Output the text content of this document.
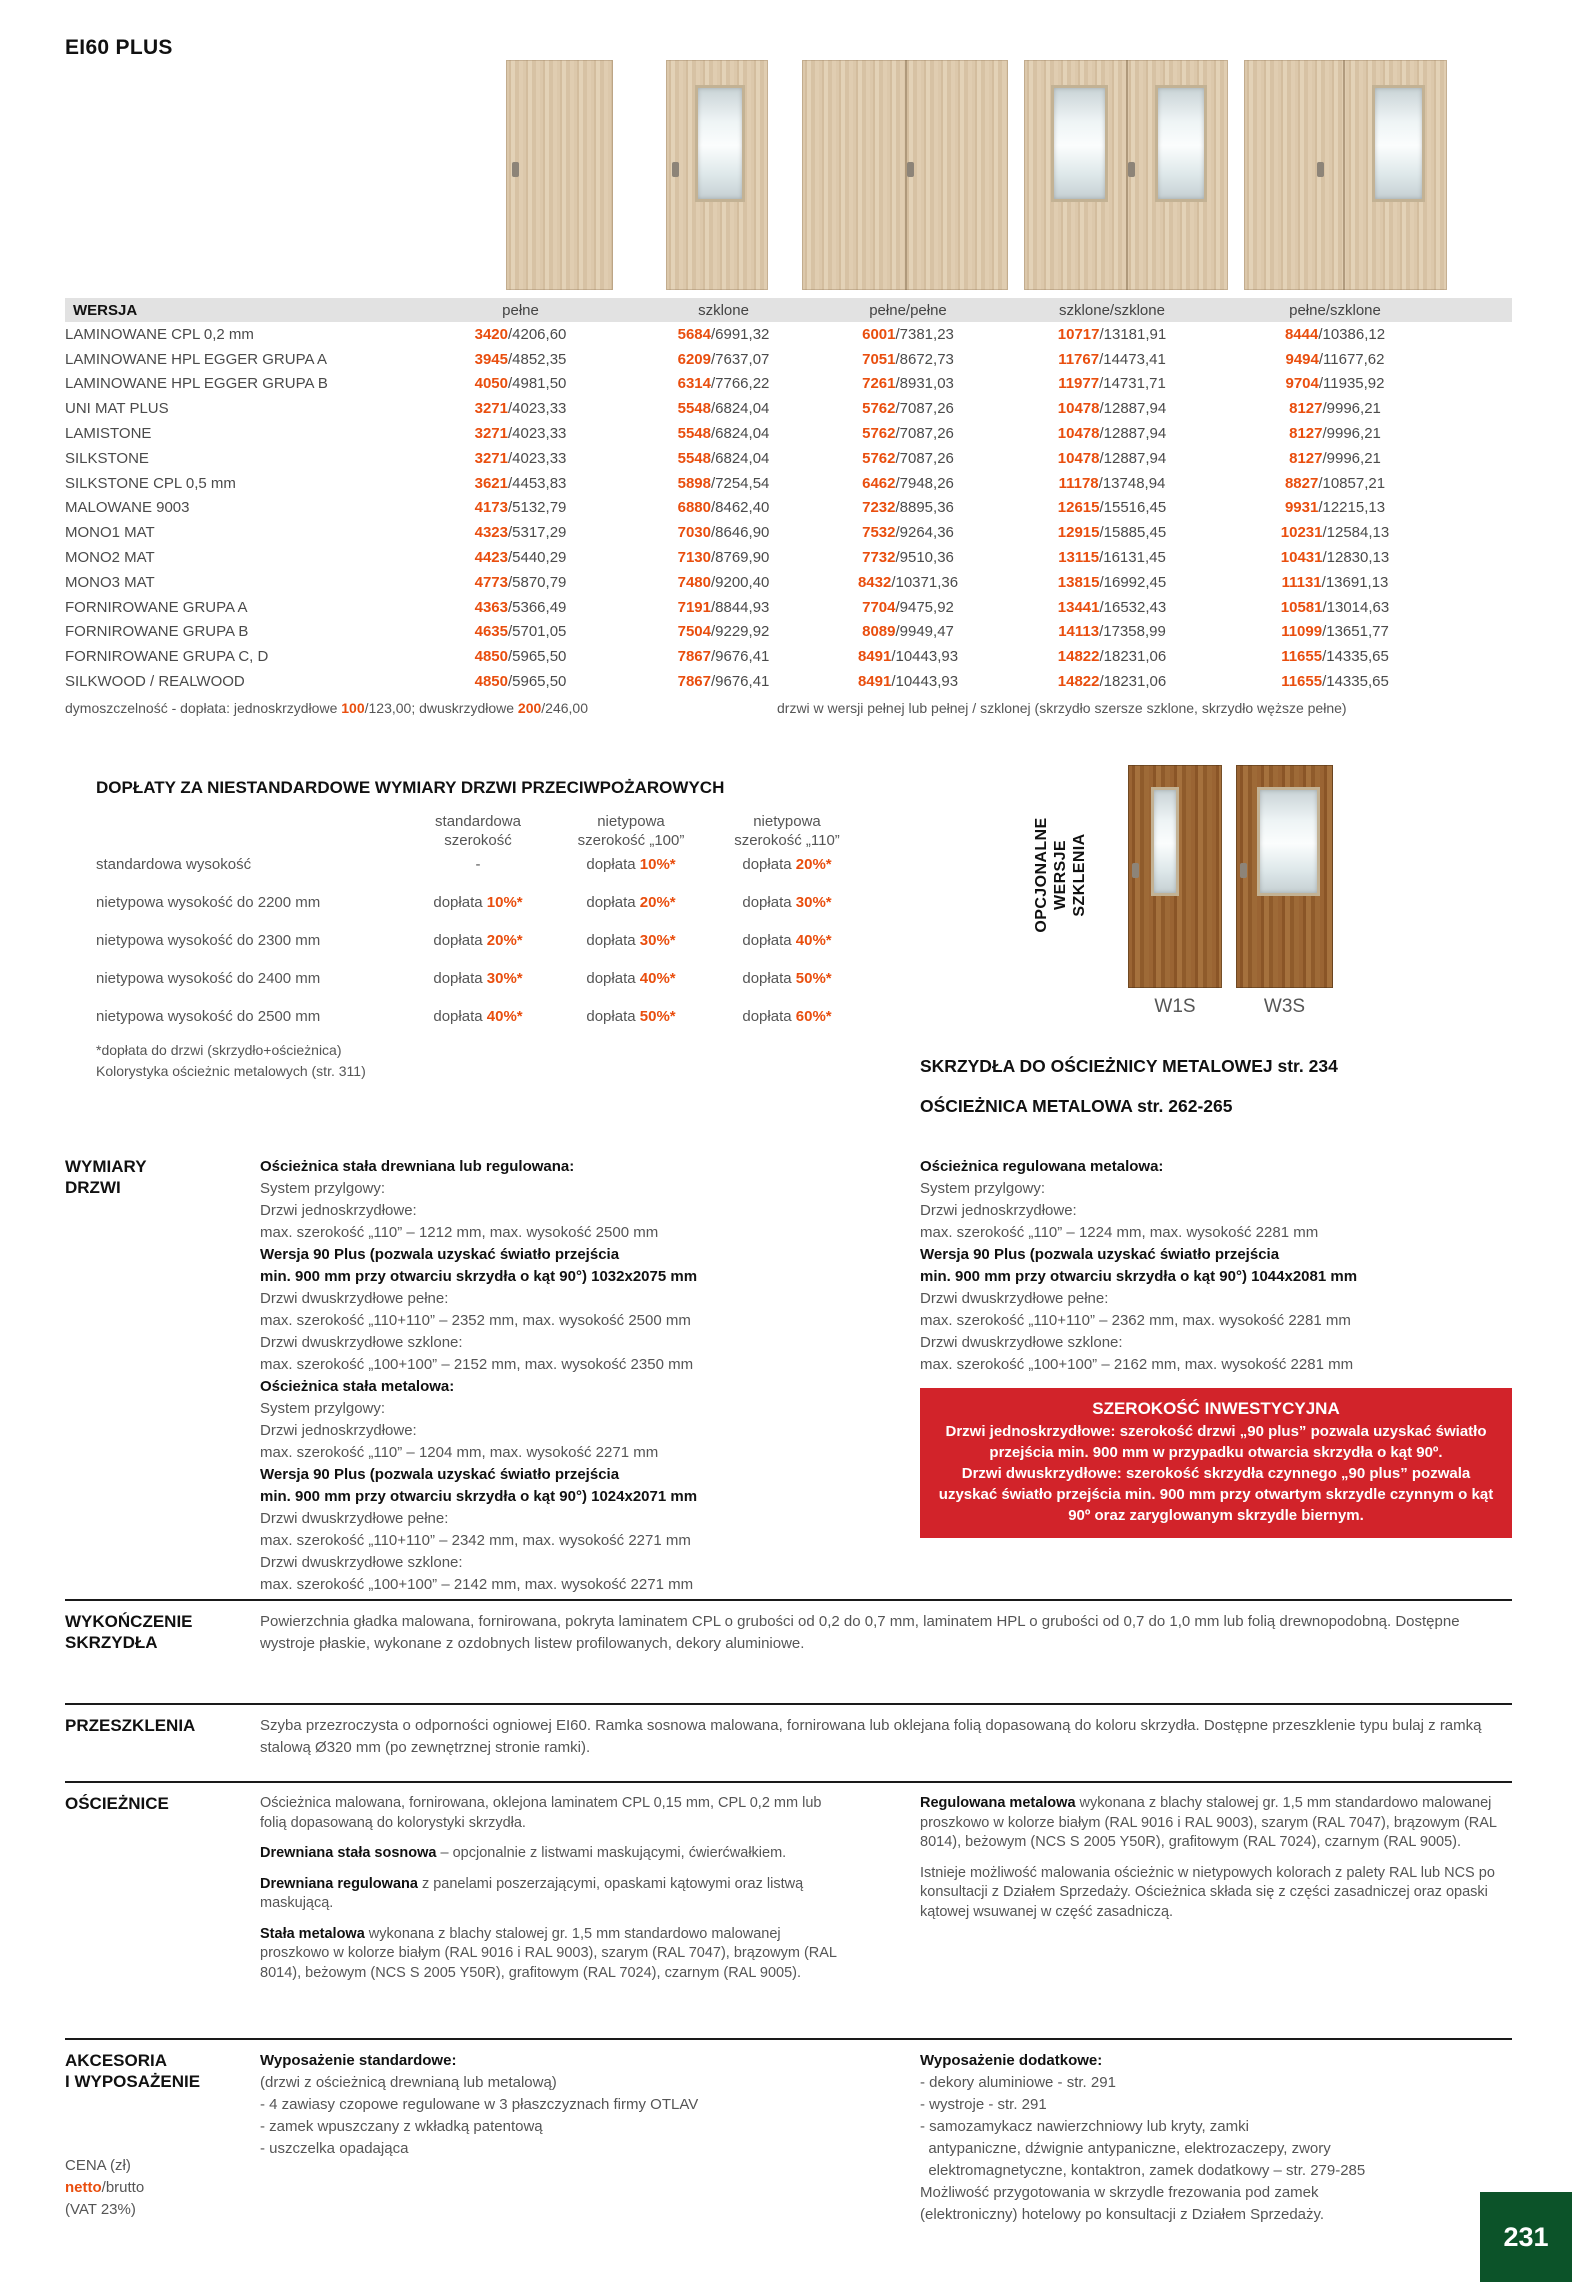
EI60 PLUS
WERSJA	pełne	szklone	pełne/pełne	szklone/szklone	pełne/szklone
LAMINOWANE CPL 0,2 mm	3420/4206,60	5684/6991,32	6001/7381,23	10717/13181,91	8444/10386,12
LAMINOWANE HPL EGGER GRUPA A	3945/4852,35	6209/7637,07	7051/8672,73	11767/14473,41	9494/11677,62
LAMINOWANE HPL EGGER GRUPA B	4050/4981,50	6314/7766,22	7261/8931,03	11977/14731,71	9704/11935,92
UNI MAT PLUS	3271/4023,33	5548/6824,04	5762/7087,26	10478/12887,94	8127/9996,21
LAMISTONE	3271/4023,33	5548/6824,04	5762/7087,26	10478/12887,94	8127/9996,21
SILKSTONE	3271/4023,33	5548/6824,04	5762/7087,26	10478/12887,94	8127/9996,21
SILKSTONE CPL 0,5 mm	3621/4453,83	5898/7254,54	6462/7948,26	11178/13748,94	8827/10857,21
MALOWANE 9003	4173/5132,79	6880/8462,40	7232/8895,36	12615/15516,45	9931/12215,13
MONO1 MAT	4323/5317,29	7030/8646,90	7532/9264,36	12915/15885,45	10231/12584,13
MONO2 MAT	4423/5440,29	7130/8769,90	7732/9510,36	13115/16131,45	10431/12830,13
MONO3 MAT	4773/5870,79	7480/9200,40	8432/10371,36	13815/16992,45	11131/13691,13
FORNIROWANE GRUPA A	4363/5366,49	7191/8844,93	7704/9475,92	13441/16532,43	10581/13014,63
FORNIROWANE GRUPA B	4635/5701,05	7504/9229,92	8089/9949,47	14113/17358,99	11099/13651,77
FORNIROWANE GRUPA C, D	4850/5965,50	7867/9676,41	8491/10443,93	14822/18231,06	11655/14335,65
SILKWOOD / REALWOOD	4850/5965,50	7867/9676,41	8491/10443,93	14822/18231,06	11655/14335,65
dymoszczelność - dopłata: jednoskrzydłowe 100/123,00; dwuskrzydłowe 200/246,00	drzwi w wersji pełnej lub pełnej / szklonej (skrzydło szersze szklone, skrzydło węższe pełne)
DOPŁATY ZA NIESTANDARDOWE WYMIARY DRZWI PRZECIWPOŻAROWYCH
standardowa
szerokość
nietypowa
szerokość „100”
nietypowa
szerokość „110”
standardowa wysokość	-	dopłata 10%*	dopłata 20%*
nietypowa wysokość do 2200 mm	dopłata 10%*	dopłata 20%*	dopłata 30%*
nietypowa wysokość do 2300 mm	dopłata 20%*	dopłata 30%*	dopłata 40%*
nietypowa wysokość do 2400 mm	dopłata 30%*	dopłata 40%*	dopłata 50%*
nietypowa wysokość do 2500 mm	dopłata 40%*	dopłata 50%*	dopłata 60%*
*dopłata do drzwi (skrzydło+ościeżnica)
Kolorystyka ościeżnic metalowych (str. 311)
OPCJONALNE WERSJE SZKLENIA
W1S	W3S
SKRZYDŁA DO OŚCIEŻNICY METALOWEJ str. 234
OŚCIEŻNICA METALOWA str. 262-265
WYMIARY
DRZWI
Ościeżnica stała drewniana lub regulowana:
System przylgowy:
Drzwi jednoskrzydłowe:
max. szerokość „110” – 1212 mm, max. wysokość 2500 mm
Wersja 90 Plus (pozwala uzyskać światło przejścia
min. 900 mm przy otwarciu skrzydła o kąt 90°) 1032x2075 mm
Drzwi dwuskrzydłowe pełne:
max. szerokość „110+110” – 2352 mm, max. wysokość 2500 mm
Drzwi dwuskrzydłowe szklone:
max. szerokość „100+100” – 2152 mm, max. wysokość 2350 mm
Ościeżnica stała metalowa:
System przylgowy:
Drzwi jednoskrzydłowe:
max. szerokość „110” – 1204 mm, max. wysokość 2271 mm
Wersja 90 Plus (pozwala uzyskać światło przejścia
min. 900 mm przy otwarciu skrzydła o kąt 90°) 1024x2071 mm
Drzwi dwuskrzydłowe pełne:
max. szerokość „110+110” – 2342 mm, max. wysokość 2271 mm
Drzwi dwuskrzydłowe szklone:
max. szerokość „100+100” – 2142 mm, max. wysokość 2271 mm
Ościeżnica regulowana metalowa:
System przylgowy:
Drzwi jednoskrzydłowe:
max. szerokość „110” – 1224 mm, max. wysokość 2281 mm
Wersja 90 Plus (pozwala uzyskać światło przejścia
min. 900 mm przy otwarciu skrzydła o kąt 90°) 1044x2081 mm
Drzwi dwuskrzydłowe pełne:
max. szerokość „110+110” – 2362 mm, max. wysokość 2281 mm
Drzwi dwuskrzydłowe szklone:
max. szerokość „100+100” – 2162 mm, max. wysokość 2281 mm
SZEROKOŚĆ INWESTYCYJNA

Drzwi jednoskrzydłowe: szerokość drzwi „90 plus” pozwala uzyskać światło przejścia min. 900 mm w przypadku otwarcia skrzydła o kąt 90º.

Drzwi dwuskrzydłowe: szerokość skrzydła czynnego „90 plus” pozwala uzyskać światło przejścia min. 900 mm przy otwartym skrzydle czynnym o kąt 90º oraz zaryglowanym skrzydle biernym.

WYKOŃCZENIE
SKRZYDŁA
Powierzchnia gładka malowana, fornirowana, pokryta laminatem CPL o grubości od 0,2 do 0,7 mm, laminatem HPL o grubości od 0,7 do 1,0 mm lub folią drewnopodobną. Dostępne wystroje płaskie, wykonane z ozdobnych listew profilowanych, dekory aluminiowe.
PRZESZKLENIA	Szyba przezroczysta o odporności ogniowej EI60. Ramka sosnowa malowana, fornirowana lub oklejana folią dopasowaną do koloru skrzydła. Dostępne przeszklenie typu bulaj z ramką stalową Ø320 mm (po zewnętrznej stronie ramki).
OŚCIEŻNICE	Ościeżnica malowana, fornirowana, oklejona laminatem CPL 0,15 mm, CPL 0,2 mm lub folią dopasowaną do kolorystyki skrzydła.

Drewniana stała sosnowa – opcjonalnie z listwami maskującymi, ćwierćwałkiem.

Drewniana regulowana z panelami poszerzającymi, opaskami kątowymi oraz listwą maskującą.

Stała metalowa wykonana z blachy stalowej gr. 1,5 mm standardowo malowanej proszkowo w kolorze białym (RAL 9016 i RAL 9003), szarym (RAL 7047), brązowym (RAL 8014), beżowym (NCS S 2005 Y50R), grafitowym (RAL 7024), czarnym (RAL 9005).

Regulowana metalowa wykonana z blachy stalowej gr. 1,5 mm standardowo malowanej proszkowo w kolorze białym (RAL 9016 i RAL 9003), szarym (RAL 7047), brązowym (RAL 8014), beżowym (NCS S 2005 Y50R), grafitowym (RAL 7024), czarnym (RAL 9005).

Istnieje możliwość malowania ościeżnic w nietypowych kolorach z palety RAL lub NCS po konsultacji z Działem Sprzedaży. Ościeżnica składa się z części zasadniczej oraz opaski kątowej wsuwanej w część zasadniczą.

AKCESORIA
I WYPOSAŻENIE
Wyposażenie standardowe:
(drzwi z ościeżnicą drewnianą lub metalową)
- 4 zawiasy czopowe regulowane w 3 płaszczyznach firmy OTLAV
- zamek wpuszczany z wkładką patentową
- uszczelka opadająca
Wyposażenie dodatkowe:
- dekory aluminiowe - str. 291
- wystroje - str. 291
- samozamykacz nawierzchniowy lub kryty, zamki
antypaniczne, dźwignie antypaniczne, elektrozaczepy, zwory
elektromagnetyczne, kontaktron, zamek dodatkowy – str. 279-285
Możliwość przygotowania w skrzydle frezowania pod zamek
(elektroniczny) hotelowy po konsultacji z Działem Sprzedaży.
CENA (zł)
netto/brutto
(VAT 23%)
231
